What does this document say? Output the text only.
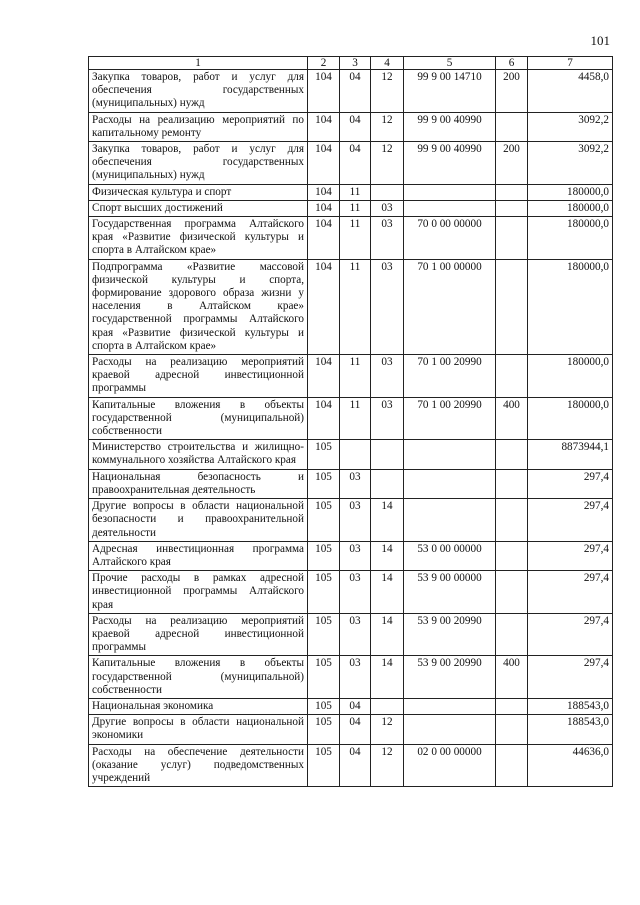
101
1	2	3	4	5	6	7
Закупка товаров, работ и услуг для обеспечения государственных (муниципальных) нужд	104	04	12	99 9 00 14710	200	4458,0
Расходы на реализацию мероприятий по капитальному ремонту	104	04	12	99 9 00 40990		3092,2
Закупка товаров, работ и услуг для обеспечения государственных (муниципальных) нужд	104	04	12	99 9 00 40990	200	3092,2
Физическая культура и спорт	104	11				180000,0
Спорт высших достижений	104	11	03			180000,0
Государственная программа Алтайского края «Развитие физической культуры и спорта в Алтайском крае»	104	11	03	70 0 00 00000		180000,0
Подпрограмма «Развитие массовой физической культуры и спорта, формирование здорового образа жизни у населения в Алтайском крае» государственной программы Алтайского края «Развитие физической культуры и спорта в Алтайском крае»	104	11	03	70 1 00 00000		180000,0
Расходы на реализацию мероприятий краевой адресной инвестиционной программы	104	11	03	70 1 00 20990		180000,0
Капитальные вложения в объекты государственной (муниципальной) собственности	104	11	03	70 1 00 20990	400	180000,0
Министерство строительства и жилищно-коммунального хозяйства Алтайского края	105					8873944,1
Национальная безопасность и правоохранительная деятельность	105	03				297,4
Другие вопросы в области национальной безопасности и правоохранительной деятельности	105	03	14			297,4
Адресная инвестиционная программа Алтайского края	105	03	14	53 0 00 00000		297,4
Прочие расходы в рамках адресной инвестиционной программы Алтайского края	105	03	14	53 9 00 00000		297,4
Расходы на реализацию мероприятий краевой адресной инвестиционной программы	105	03	14	53 9 00 20990		297,4
Капитальные вложения в объекты государственной (муниципальной) собственности	105	03	14	53 9 00 20990	400	297,4
Национальная экономика	105	04				188543,0
Другие вопросы в области национальной экономики	105	04	12			188543,0
Расходы на обеспечение деятельности (оказание услуг) подведомственных учреждений	105	04	12	02 0 00 00000		44636,0
